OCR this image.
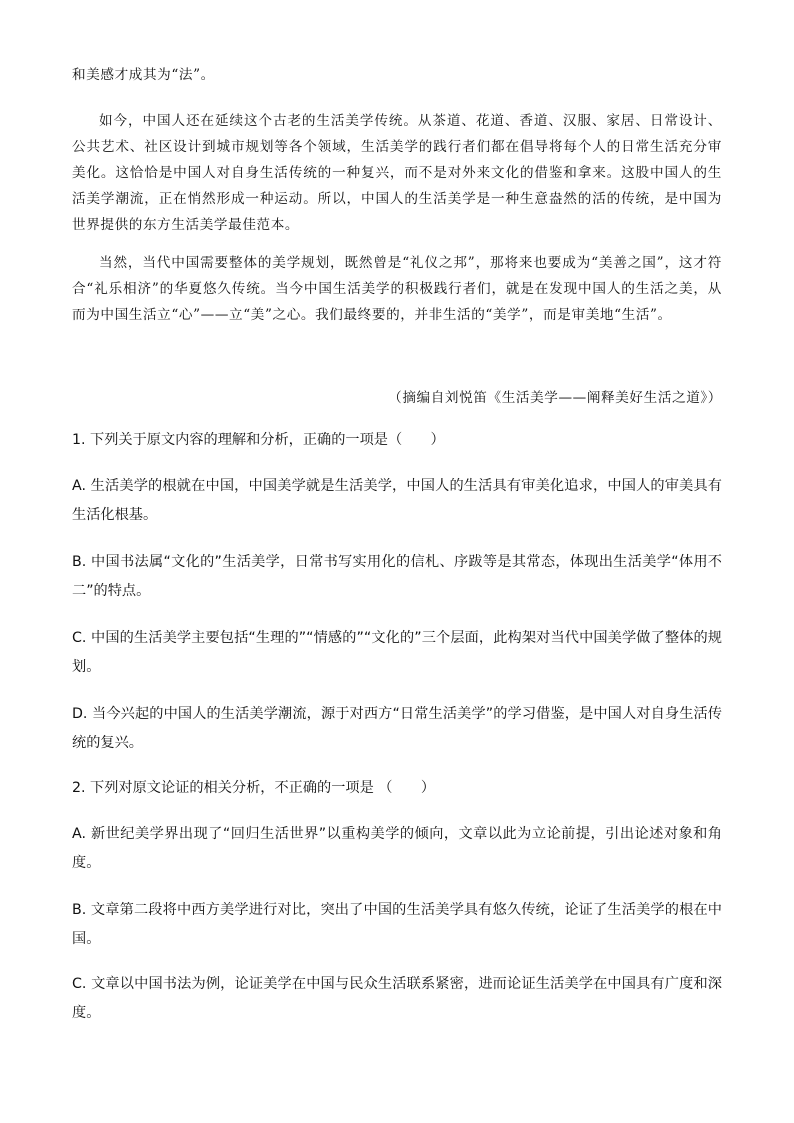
和美感才成其为“法”。

如今，中国人还在延续这个古老的生活美学传统。从茶道、花道、香道、汉服、家居、日常设计、公共艺术、社区设计到城市规划等各个领域，生活美学的践行者们都在倡导将每个人的日常生活充分审美化。这恰恰是中国人对自身生活传统的一种复兴，而不是对外来文化的借鉴和拿来。这股中国人的生活美学潮流，正在悄然形成一种运动。所以，中国人的生活美学是一种生意盎然的活的传统，是中国为世界提供的东方生活美学最佳范本。

当然，当代中国需要整体的美学规划，既然曾是“礼仪之邦”，那将来也要成为“美善之国”，这才符合“礼乐相济”的华夏悠久传统。当今中国生活美学的积极践行者们，就是在发现中国人的生活之美，从而为中国生活立“心”——立“美”之心。我们最终要的，并非生活的“美学”，而是审美地“生活”。

（摘编自刘悦笛《生活美学——阐释美好生活之道》）
1. 下列关于原文内容的理解和分析，正确的一项是（　　）
A. 生活美学的根就在中国，中国美学就是生活美学，中国人的生活具有审美化追求，中国人的审美具有生活化根基。
B. 中国书法属“文化的”生活美学，日常书写实用化的信札、序跋等是其常态，体现出生活美学“体用不二”的特点。
C. 中国的生活美学主要包括“生理的”“情感的”“文化的”三个层面，此构架对当代中国美学做了整体的规划。
D. 当今兴起的中国人的生活美学潮流，源于对西方“日常生活美学”的学习借鉴，是中国人对自身生活传统的复兴。
2. 下列对原文论证的相关分析，不正确的一项是 （　　）
A. 新世纪美学界出现了“回归生活世界”以重构美学的倾向，文章以此为立论前提，引出论述对象和角度。
B. 文章第二段将中西方美学进行对比，突出了中国的生活美学具有悠久传统，论证了生活美学的根在中国。
C. 文章以中国书法为例，论证美学在中国与民众生活联系紧密，进而论证生活美学在中国具有广度和深度。
